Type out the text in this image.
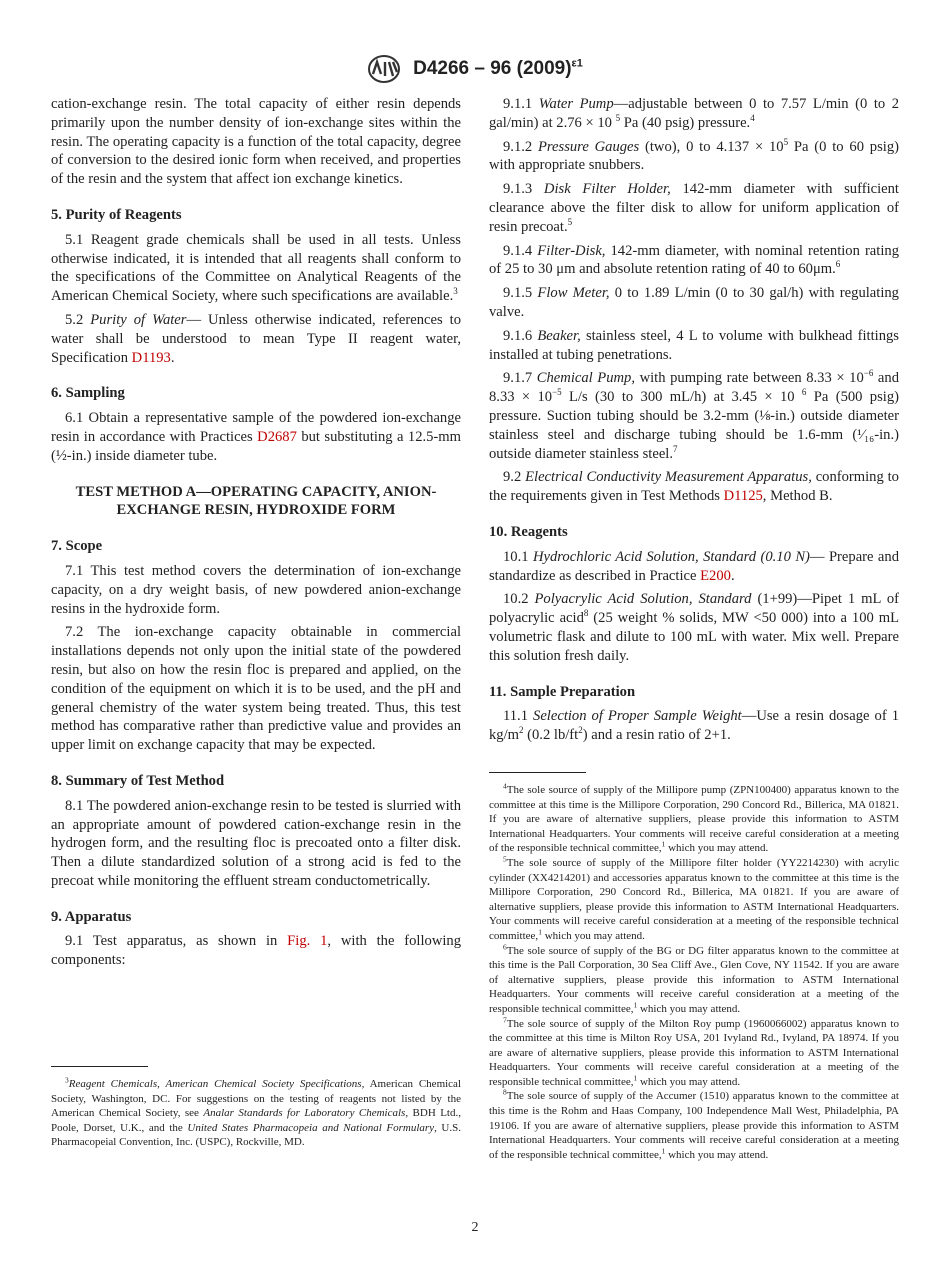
D4266 – 96 $(2009)^{\varepsilon 1}$
cation-exchange resin. The total capacity of either resin depends primarily upon the number density of ion-exchange sites within the resin. The operating capacity is a function of the total capacity, degree of conversion to the desired ionic form when received, and properties of the resin and the system that affect ion exchange kinetics.
5. Purity of Reagents
5.1 Reagent grade chemicals shall be used in all tests. Unless otherwise indicated, it is intended that all reagents shall conform to the specifications of the Committee on Analytical Reagents of the American Chemical Society, where such specifications are available.$^3$
5.2 Purity of Water— Unless otherwise indicated, references to water shall be understood to mean Type II reagent water, Specification D1193.
6. Sampling
6.1 Obtain a representative sample of the powdered ion-exchange resin in accordance with Practices D2687 but substituting a 12.5-mm (½-in.) inside diameter tube.
TEST METHOD A—OPERATING CAPACITY, ANION-EXCHANGE RESIN, HYDROXIDE FORM
7. Scope
7.1 This test method covers the determination of ion-exchange capacity, on a dry weight basis, of new powdered anion-exchange resins in the hydroxide form.
7.2 The ion-exchange capacity obtainable in commercial installations depends not only upon the initial state of the powdered resin, but also on how the resin floc is prepared and applied, on the condition of the equipment on which it is to be used, and the pH and general chemistry of the water system being treated. Thus, this test method has comparative rather than predictive value and provides an upper limit on exchange capacity that may be expected.
8. Summary of Test Method
8.1 The powdered anion-exchange resin to be tested is slurried with an appropriate amount of powdered cation-exchange resin in the hydrogen form, and the resulting floc is precoated onto a filter disk. Then a dilute standardized solution of a strong acid is fed to the precoat while monitoring the effluent stream conductometrically.
9. Apparatus
9.1 Test apparatus, as shown in Fig. 1, with the following components:
$^3$Reagent Chemicals, American Chemical Society Specifications, American Chemical Society, Washington, DC. For suggestions on the testing of reagents not listed by the American Chemical Society, see Analar Standards for Laboratory Chemicals, BDH Ltd., Poole, Dorset, U.K., and the United States Pharmacopeia and National Formulary, U.S. Pharmacopeial Convention, Inc. (USPC), Rockville, MD.
9.1.1 Water Pump—adjustable between 0 to 7.57 L/min (0 to 2 gal/min) at 2.76 × 10 $^5$ Pa (40 psig) pressure.$^4$
9.1.2 Pressure Gauges (two), 0 to $4.137 \times 10^5$ Pa (0 to 60 psig) with appropriate snubbers.
9.1.3 Disk Filter Holder, 142-mm diameter with sufficient clearance above the filter disk to allow for uniform application of resin precoat.$^5$
9.1.4 Filter-Disk, 142-mm diameter, with nominal retention rating of 25 to 30 μm and absolute retention rating of 40 to 60μm.$^6$
9.1.5 Flow Meter, 0 to 1.89 L/min (0 to 30 gal/h) with regulating valve.
9.1.6 Beaker, stainless steel, 4 L to volume with bulkhead fittings installed at tubing penetrations.
9.1.7 Chemical Pump, with pumping rate between $8.33 \times 10^{-6}$ and $8.33 \times 10^{-5}$ L/s (30 to 300 mL/h) at 3.45 × 10 $^6$ Pa (500 psig) pressure. Suction tubing should be 3.2-mm (⅛-in.) outside diameter stainless steel and discharge tubing should be 1.6-mm (¹⁄₁₆-in.) outside diameter stainless steel.$^7$
9.2 Electrical Conductivity Measurement Apparatus, conforming to the requirements given in Test Methods D1125, Method B.
10. Reagents
10.1 Hydrochloric Acid Solution, Standard (0.10 N)— Prepare and standardize as described in Practice E200.
10.2 Polyacrylic Acid Solution, Standard (1+99)—Pipet 1 mL of polyacrylic acid$^8$ (25 weight % solids, MW <50 000) into a 100 mL volumetric flask and dilute to 100 mL with water. Mix well. Prepare this solution fresh daily.
11. Sample Preparation
11.1 Selection of Proper Sample Weight—Use a resin dosage of 1 $kg/m^2$ (0.2 $lb/ft^2$) and a resin ratio of 2+1.
$^4$The sole source of supply of the Millipore pump (ZPN100400) apparatus known to the committee at this time is the Millipore Corporation, 290 Concord Rd., Billerica, MA 01821. If you are aware of alternative suppliers, please provide this information to ASTM International Headquarters. Your comments will receive careful consideration at a meeting of the responsible technical committee,$^1$ which you may attend.
$^5$The sole source of supply of the Millipore filter holder (YY2214230) with acrylic cylinder (XX4214201) and accessories apparatus known to the committee at this time is the Millipore Corporation, 290 Concord Rd., Billerica, MA 01821. If you are aware of alternative suppliers, please provide this information to ASTM International Headquarters. Your comments will receive careful consideration at a meeting of the responsible technical committee,$^1$ which you may attend.
$^6$The sole source of supply of the BG or DG filter apparatus known to the committee at this time is the Pall Corporation, 30 Sea Cliff Ave., Glen Cove, NY 11542. If you are aware of alternative suppliers, please provide this information to ASTM International Headquarters. Your comments will receive careful consideration at a meeting of the responsible technical committee,$^1$ which you may attend.
$^7$The sole source of supply of the Milton Roy pump (1960066002) apparatus known to the committee at this time is Milton Roy USA, 201 Ivyland Rd., Ivyland, PA 18974. If you are aware of alternative suppliers, please provide this information to ASTM International Headquarters. Your comments will receive careful consideration at a meeting of the responsible technical committee,$^1$ which you may attend.
$^8$The sole source of supply of the Accumer (1510) apparatus known to the committee at this time is the Rohm and Haas Company, 100 Independence Mall West, Philadelphia, PA 19106. If you are aware of alternative suppliers, please provide this information to ASTM International Headquarters. Your comments will receive careful consideration at a meeting of the responsible technical committee,$^1$ which you may attend.
2
